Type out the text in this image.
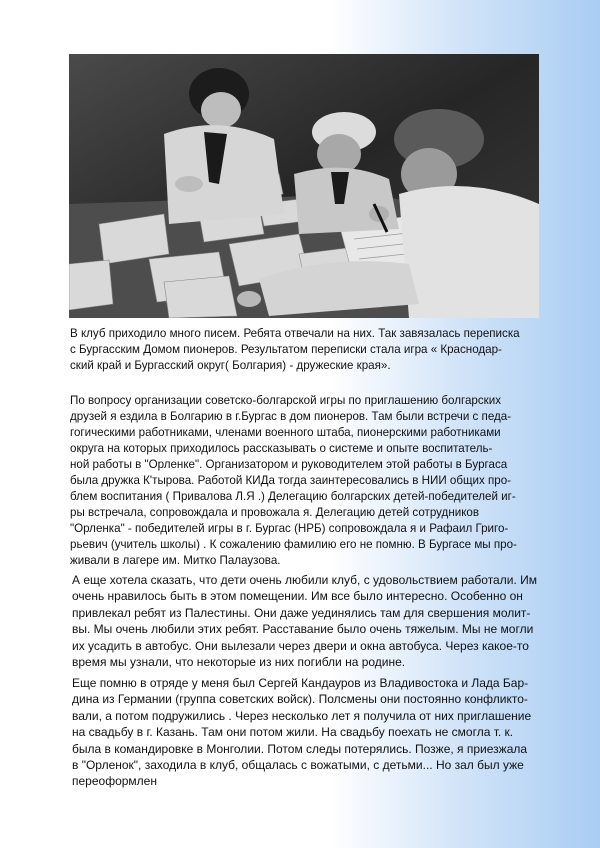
В клуб приходило много писем. Ребята отвечали на них. Так завязалась переписка
с Бургасским Домом пионеров. Результатом переписки стала игра « Краснодар-
ский край и Бургасский округ( Болгария) - дружеские края».
По вопросу организации советско-болгарской игры по приглашению болгарских
друзей я ездила в Болгарию в г.Бургас в дом пионеров. Там были встречи с педа-
гогическими работниками, членами военного штаба, пионерскими работниками
округа на которых приходилось рассказывать о системе и опыте воспитатель-
ной работы в "Орленке". Организатором и руководителем этой работы в Бургаса
была дружка К'тырова. Работой КИДа тогда заинтересовались в НИИ общих про-
блем воспитания ( Привалова Л.Я .) Делегацию болгарских детей-победителей иг-
ры встречала, сопровождала и провожала я. Делегацию детей сотрудников
"Орленка" - победителей игры в г. Бургас (НРБ) сопровождала я и Рафаил Григо-
рьевич (учитель школы) . К сожалению фамилию его не помню. В Бургасе мы про-
живали в лагере им. Митко Палаузова.
А еще хотела сказать, что дети очень любили клуб, с удовольствием работали. Им
очень нравилось быть в этом помещении. Им все было интересно. Особенно он
привлекал ребят из Палестины. Они даже уединялись там для свершения молит-
вы. Мы очень любили этих ребят. Расставание было очень тяжелым. Мы не могли
их усадить в автобус. Они вылезали через двери и окна автобуса. Через какое-то
время мы узнали, что некоторые из них погибли на родине.
Еще помню в отряде у меня был Сергей Кандауров из Владивостока и Лада Бар-
дина из Германии (группа советских войск). Полсмены они постоянно конфликто-
вали, а потом подружились . Через несколько лет я получила от них приглашение
на свадьбу в г. Казань. Там они потом жили. На свадьбу поехать не смогла т. к.
была в командировке в Монголии. Потом следы потерялись. Позже, я приезжала
в "Орленок", заходила в клуб, общалась с вожатыми, с детьми... Но зал был уже
переоформлен
